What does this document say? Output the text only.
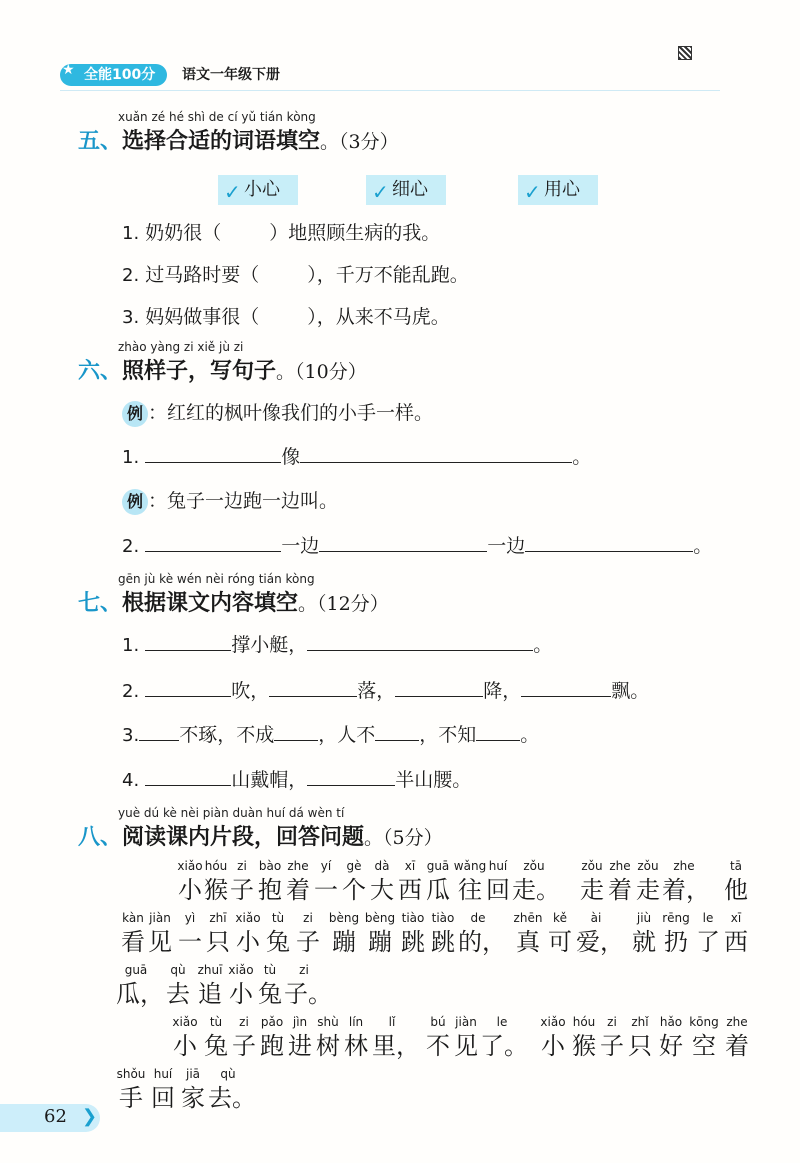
全能100分
★	语文一年级下册
xuǎn zé hé shì de cí yǔ tián kòng
五、选择合适的词语填空。（3分）
✓ 小心	✓ 细心	✓ 用心
1. 奶奶很（	）地照顾生病的我。
2. 过马路时要（	），千万不能乱跑。
3. 妈妈做事很（	），从来不马虎。
zhào yàng zi xiě jù zi
六、照样子，写句子。（10分）
例 ：红红的枫叶像我们的小手一样。
1.	像	。
例 ：兔子一边跑一边叫。
2.	一边	一边	。
gēn jù kè wén nèi róng tián kòng
七、根据课文内容填空。（12分）
1.	撑小艇，	。
2.	吹，	落，	降，	飘。
3. 不琢，不成 ，人不 ，不知 。
4.	山戴帽，	半山腰。
yuè dú kè nèi piàn duàn huí dá wèn tí
八、阅读课内片段，回答问题。（5分）
xiǎo
小
hóu
猴
zi
子
bào
抱
zhe
着
yí
一
gè
个
dà
大
xī
西
guā
瓜
wǎng
往
huí
回
zǒu
走。
zǒu
走
zhe
着
zǒu
走
zhe
着，
tā
他
kàn
看
jiàn
见
yì
一
zhī
只
xiǎo
小
tù
兔
zi
子
bèng
蹦
bèng
蹦
tiào
跳
tiào
跳
de
的，
zhēn
真
kě
可
ài
爱，
jiù
就
rēng
扔
le
了
xī
西
guā
瓜，
qù
去
zhuī
追
xiǎo
小
tù
兔
zi
子。
xiǎo
小
tù
兔
zi
子
pǎo
跑
jìn
进
shù
树
lín
林
lǐ
里，
bú
不
jiàn
见
le
了。
xiǎo
小
hóu
猴
zi
子
zhǐ
只
hǎo
好
kōng
空
zhe
着
shǒu
手
huí
回
jiā
家
qù
去。
62 ❯
